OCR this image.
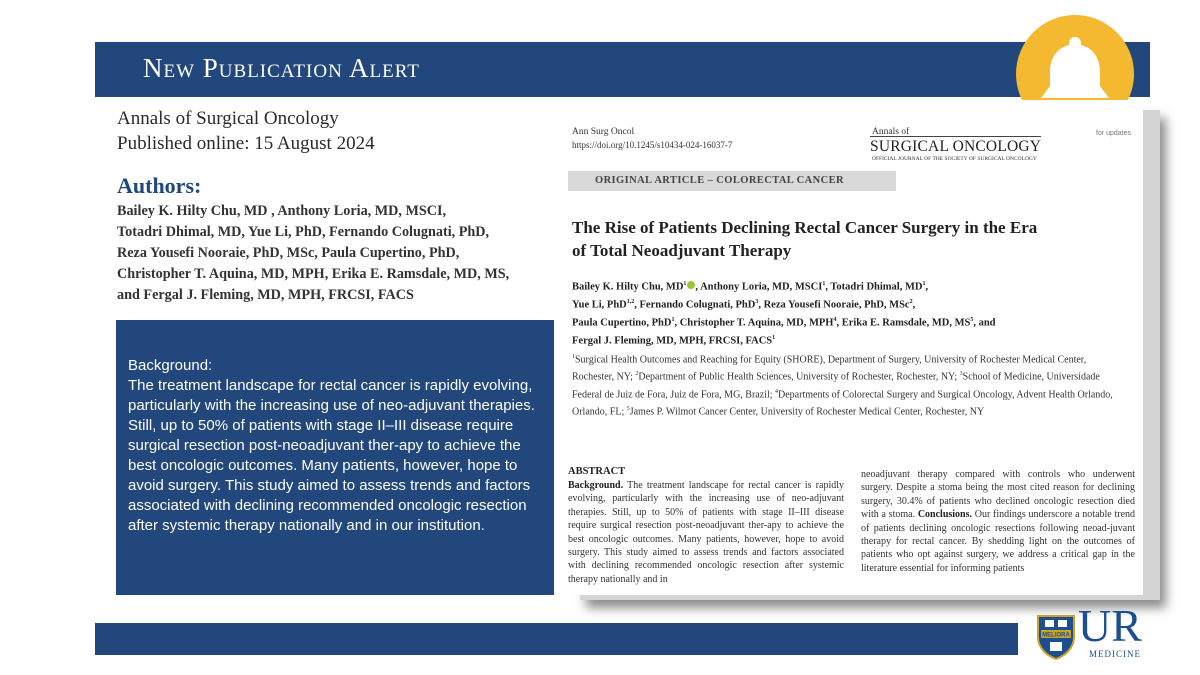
New Publication Alert
Annals of Surgical Oncology
Published online: 15 August 2024
Authors:
Bailey K. Hilty Chu, MD , Anthony Loria, MD, MSCI,
Totadri Dhimal, MD, Yue Li, PhD, Fernando Colugnati, PhD,
Reza Yousefi Nooraie, PhD, MSc, Paula Cupertino, PhD,
Christopher T. Aquina, MD, MPH, Erika E. Ramsdale, MD, MS,
and Fergal J. Fleming, MD, MPH, FRCSI, FACS
Background:
The treatment landscape for rectal cancer is rapidly evolving, particularly with the increasing use of neo-adjuvant therapies. Still, up to 50% of patients with stage II–III disease require surgical resection post-neoadjuvant ther-apy to achieve the best oncologic outcomes. Many patients, however, hope to avoid surgery. This study aimed to assess trends and factors associated with declining recommended oncologic resection after systemic therapy nationally and in our institution.
Ann Surg Oncol
https://doi.org/10.1245/s10434-024-16037-7
Annals of
SURGICAL ONCOLOGY
OFFICIAL JOURNAL OF THE SOCIETY OF SURGICAL ONCOLOGY
for updates
ORIGINAL ARTICLE – COLORECTAL CANCER
The Rise of Patients Declining Rectal Cancer Surgery in the Era
of Total Neoadjuvant Therapy
Bailey K. Hilty Chu, $MD^1$ , Anthony Loria, MD, MSCI$^1$, Totadri Dhimal, $MD^1$,
Yue Li, PhD$^{1,2}$, Fernando Colugnati, PhD$^3$, Reza Yousefi Nooraie, PhD, MSc$^2$,
Paula Cupertino, PhD$^1$, Christopher T. Aquina, MD, MPH$^4$, Erika E. Ramsdale, MD, $MS^5$, and
Fergal J. Fleming, MD, MPH, FRCSI, FACS$^1$
$^1$Surgical Health Outcomes and Reaching for Equity (SHORE), Department of Surgery, University of Rochester Medical Center, Rochester, NY; $^2$Department of Public Health Sciences, University of Rochester, Rochester, NY; $^3$School of Medicine, Universidade Federal de Juiz de Fora, Juiz de Fora, MG, Brazil; $^4$Departments of Colorectal Surgery and Surgical Oncology, Advent Health Orlando, Orlando, FL; $^5$James P. Wilmot Cancer Center, University of Rochester Medical Center, Rochester, NY
ABSTRACT
Background. The treatment landscape for rectal cancer is rapidly evolving, particularly with the increasing use of neo-adjuvant therapies. Still, up to 50% of patients with stage II–III disease require surgical resection post-neoadjuvant ther-apy to achieve the best oncologic outcomes. Many patients, however, hope to avoid surgery. This study aimed to assess trends and factors associated with declining recommended oncologic resection after systemic therapy nationally and in
neoadjuvant therapy compared with controls who underwent surgery. Despite a stoma being the most cited reason for declining surgery, 30.4% of patients who declined oncologic resection died with a stoma. Conclusions. Our findings underscore a notable trend of patients declining oncologic resections following neoad-juvant therapy for rectal cancer. By shedding light on the outcomes of patients who opt against surgery, we address a critical gap in the literature essential for informing patients
MELIORA UR
MEDICINE
